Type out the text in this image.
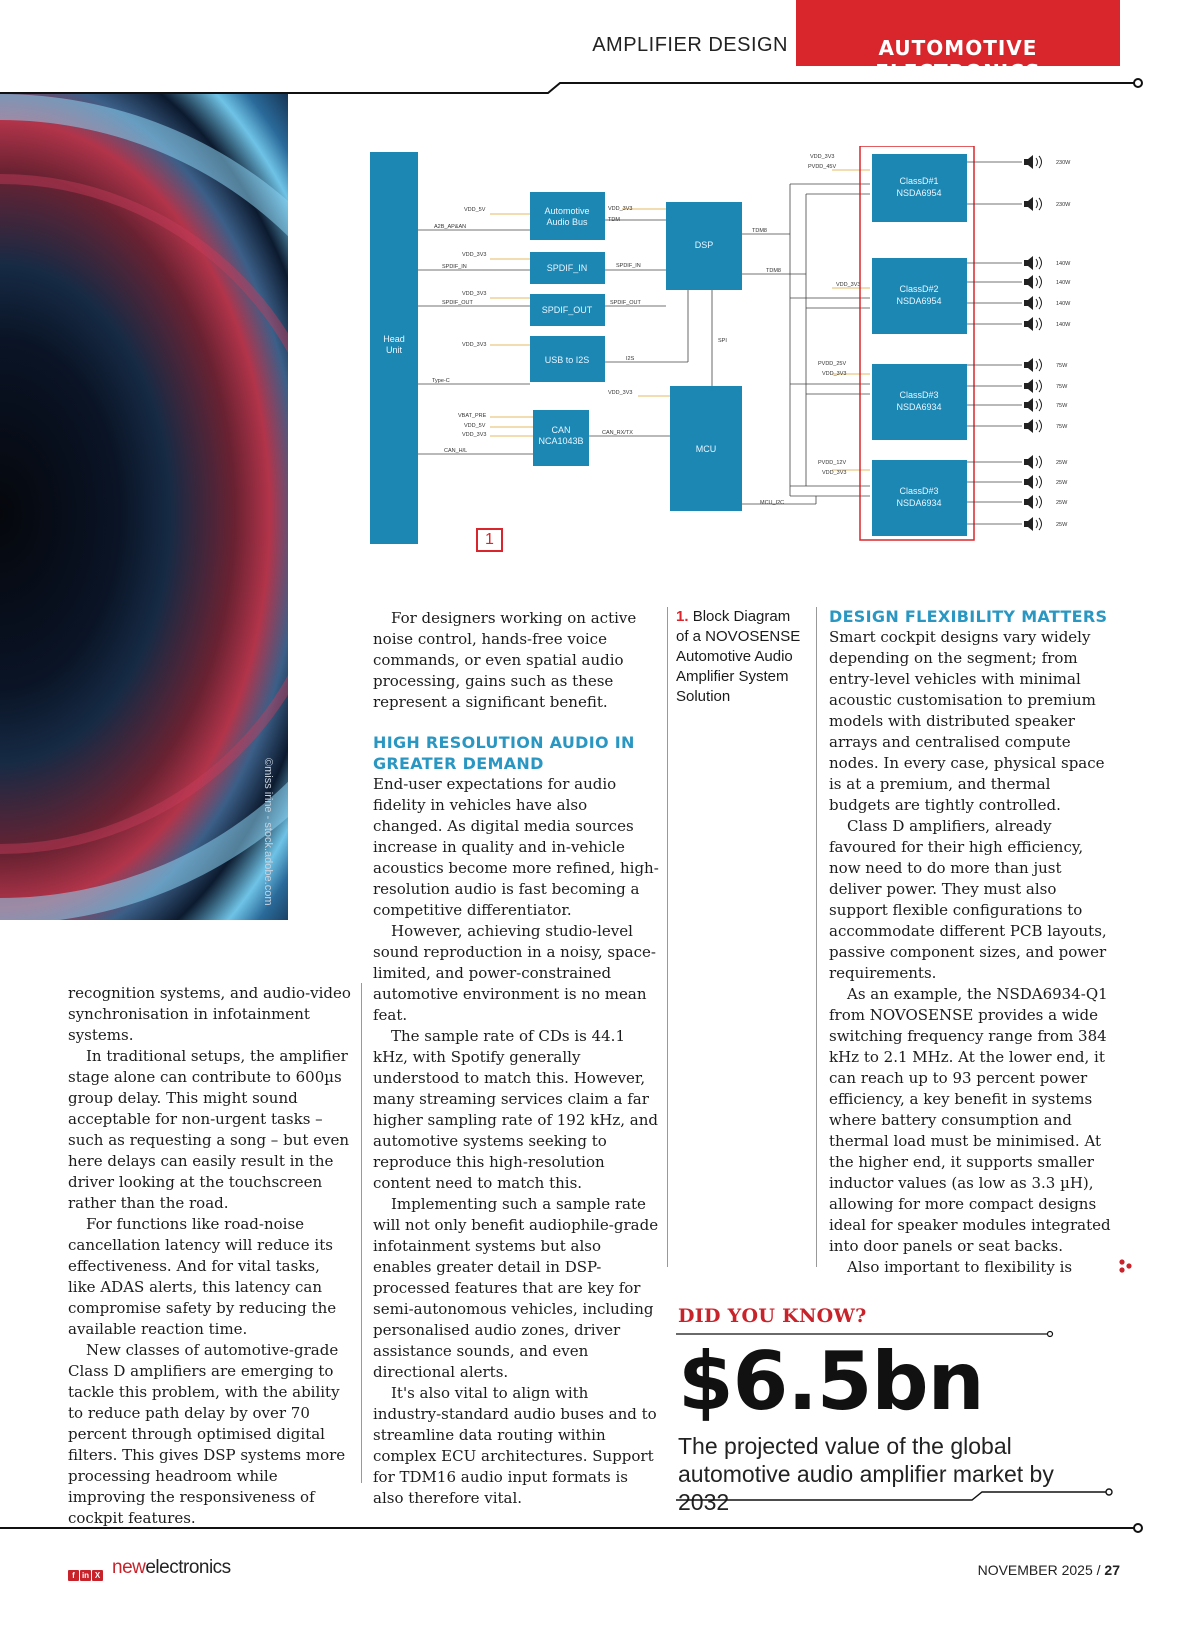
AMPLIFIER DESIGN	AUTOMOTIVE ELECTRONICS
©miss irine - stock.adobe.com
Head
Unit
Automotive
Audio Bus
SPDIF_IN
SPDIF_OUT
USB to I2S
CAN
NCA1043B
DSP
MCU
VDD_5V
A2B_AP&AN
VDD_3V3
SPDIF_IN
VDD_3V3
SPDIF_OUT
VDD_3V3
Type-C
VBAT_PRE
VDD_5V
VDD_3V3
CAN_H/L
VDD_3V3
TDM
SPDIF_IN
SPDIF_OUT
I2S
VDD_3V3
CAN_RX/TX
SPI
TDM8
TDM8
MCU_I2C
VDD_3V3
PVDD_45V
VDD_3V3
PVDD_25V
VDD_3V3
PVDD_12V
VDD_3V3
ClassD#1
NSDA6954
ClassD#2
NSDA6954
ClassD#3
NSDA6934
ClassD#3
NSDA6934
230W
230W
140W
140W
140W
140W
75W
75W
75W
75W
25W
25W
25W
25W
1

recognition systems, and audio-video synchronisation in infotainment systems.

In traditional setups, the amplifier stage alone can contribute to 600µs group delay. This might sound acceptable for non-urgent tasks – such as requesting a song – but even here delays can easily result in the driver looking at the touchscreen rather than the road.

For functions like road-noise cancellation latency will reduce its effectiveness. And for vital tasks, like ADAS alerts, this latency can compromise safety by reducing the available reaction time.

New classes of automotive-grade Class D amplifiers are emerging to tackle this problem, with the ability to reduce path delay by over 70 percent through optimised digital filters. This gives DSP systems more processing headroom while improving the responsiveness of cockpit features.

For designers working on active noise control, hands-free voice commands, or even spatial audio processing, gains such as these represent a significant benefit.

HIGH RESOLUTION AUDIO IN GREATER DEMAND

End-user expectations for audio fidelity in vehicles have also changed. As digital media sources increase in quality and in-vehicle acoustics become more refined, high-resolution audio is fast becoming a competitive differentiator.

However, achieving studio-level sound reproduction in a noisy, space-limited, and power-constrained automotive environment is no mean feat.

The sample rate of CDs is 44.1 kHz, with Spotify generally understood to match this. However, many streaming services claim a far higher sampling rate of 192 kHz, and automotive systems seeking to reproduce this high-resolution content need to match this.

Implementing such a sample rate will not only benefit audiophile-grade infotainment systems but also enables greater detail in DSP-processed features that are key for semi-autonomous vehicles, including personalised audio zones, driver assistance sounds, and even directional alerts.

It's also vital to align with industry-standard audio buses and to streamline data routing within complex ECU architectures. Support for TDM16 audio input formats is also therefore vital.

1. Block Diagram of a NOVOSENSE Automotive Audio Amplifier System Solution
DESIGN FLEXIBILITY MATTERS

Smart cockpit designs vary widely depending on the segment; from entry-level vehicles with minimal acoustic customisation to premium models with distributed speaker arrays and centralised compute nodes. In every case, physical space is at a premium, and thermal budgets are tightly controlled.

Class D amplifiers, already favoured for their high efficiency, now need to do more than just deliver power. They must also support flexible configurations to accommodate different PCB layouts, passive component sizes, and power requirements.

As an example, the NSDA6934-Q1 from NOVOSENSE provides a wide switching frequency range from 384 kHz to 2.1 MHz. At the lower end, it can reach up to 93 percent power efficiency, a key benefit in systems where battery consumption and thermal load must be minimised. At the higher end, it supports smaller inductor values (as low as 3.3 µH), allowing for more compact designs ideal for speaker modules integrated into door panels or seat backs.

Also important to flexibility is

DID YOU KNOW?
$6.5bn
The projected value of the global automotive audio amplifier market by 2032
f in X newelectronics	NOVEMBER 2025 / 27
